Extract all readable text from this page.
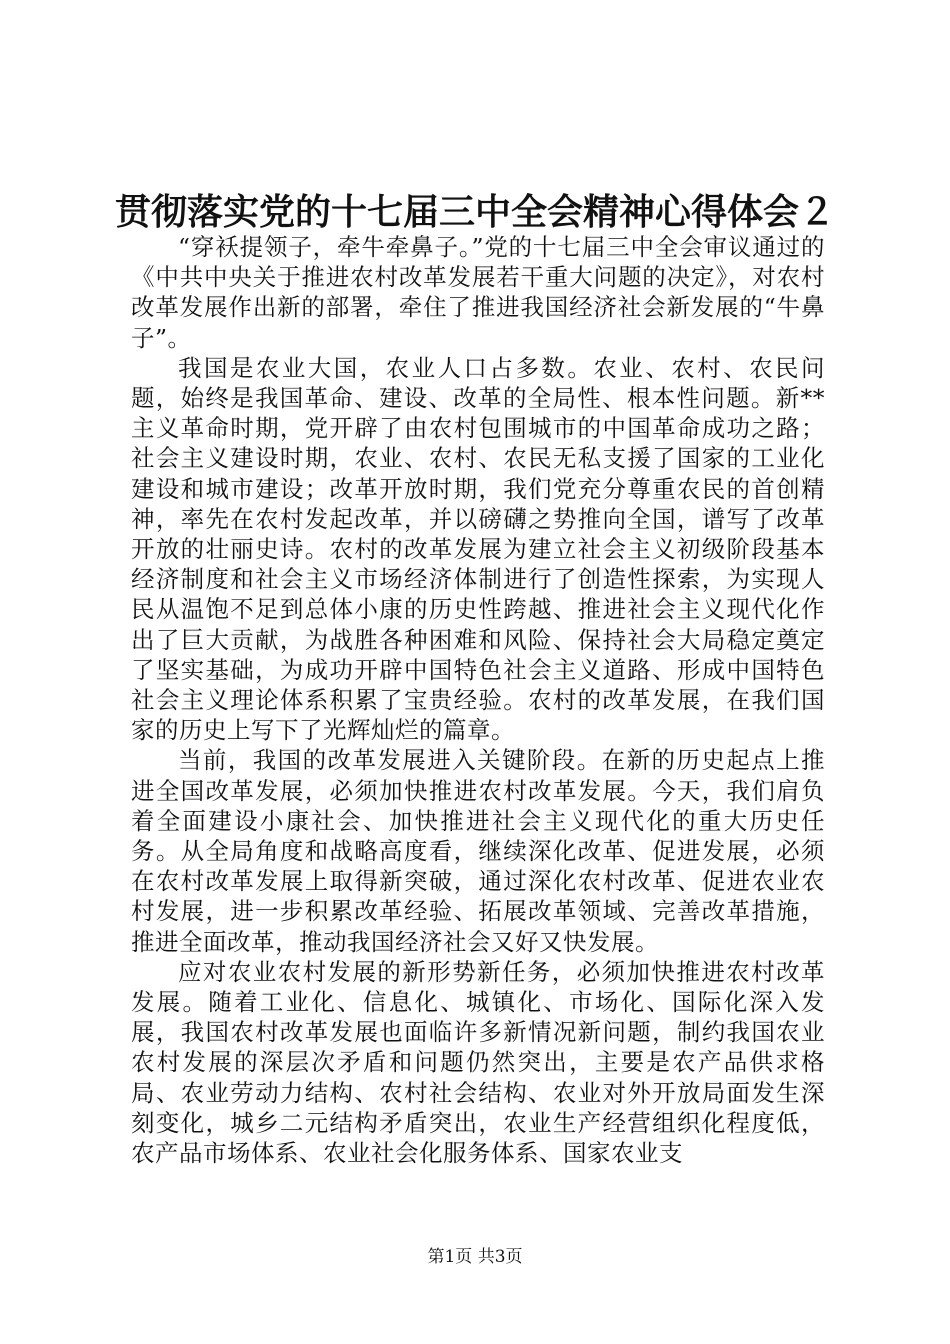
贯彻落实党的十七届三中全会精神心得体会２

“穿袄提领子，牵牛牵鼻子。”党的十七届三中全会审议通过的《中共中央关于推进农村改革发展若干重大问题的决定》，对农村改革发展作出新的部署，牵住了推进我国经济社会新发展的“牛鼻子”。

我国是农业大国，农业人口占多数。农业、农村、农民问题，始终是我国革命、建设、改革的全局性、根本性问题。新**主义革命时期，党开辟了由农村包围城市的中国革命成功之路；社会主义建设时期，农业、农村、农民无私支援了国家的工业化建设和城市建设；改革开放时期，我们党充分尊重农民的首创精神，率先在农村发起改革，并以磅礴之势推向全国，谱写了改革开放的壮丽史诗。农村的改革发展为建立社会主义初级阶段基本经济制度和社会主义市场经济体制进行了创造性探索，为实现人民从温饱不足到总体小康的历史性跨越、推进社会主义现代化作出了巨大贡献，为战胜各种困难和风险、保持社会大局稳定奠定了坚实基础，为成功开辟中国特色社会主义道路、形成中国特色社会主义理论体系积累了宝贵经验。农村的改革发展，在我们国家的历史上写下了光辉灿烂的篇章。

当前，我国的改革发展进入关键阶段。在新的历史起点上推进全国改革发展，必须加快推进农村改革发展。今天，我们肩负着全面建设小康社会、加快推进社会主义现代化的重大历史任务。从全局角度和战略高度看，继续深化改革、促进发展，必须在农村改革发展上取得新突破，通过深化农村改革、促进农业农村发展，进一步积累改革经验、拓展改革领域、完善改革措施，推进全面改革，推动我国经济社会又好又快发展。

应对农业农村发展的新形势新任务，必须加快推进农村改革发展。随着工业化、信息化、城镇化、市场化、国际化深入发展，我国农村改革发展也面临许多新情况新问题，制约我国农业农村发展的深层次矛盾和问题仍然突出，主要是农产品供求格局、农业劳动力结构、农村社会结构、农业对外开放局面发生深刻变化，城乡二元结构矛盾突出，农业生产经营组织化程度低，农产品市场体系、农业社会化服务体系、国家农业支

第1页 共3页
